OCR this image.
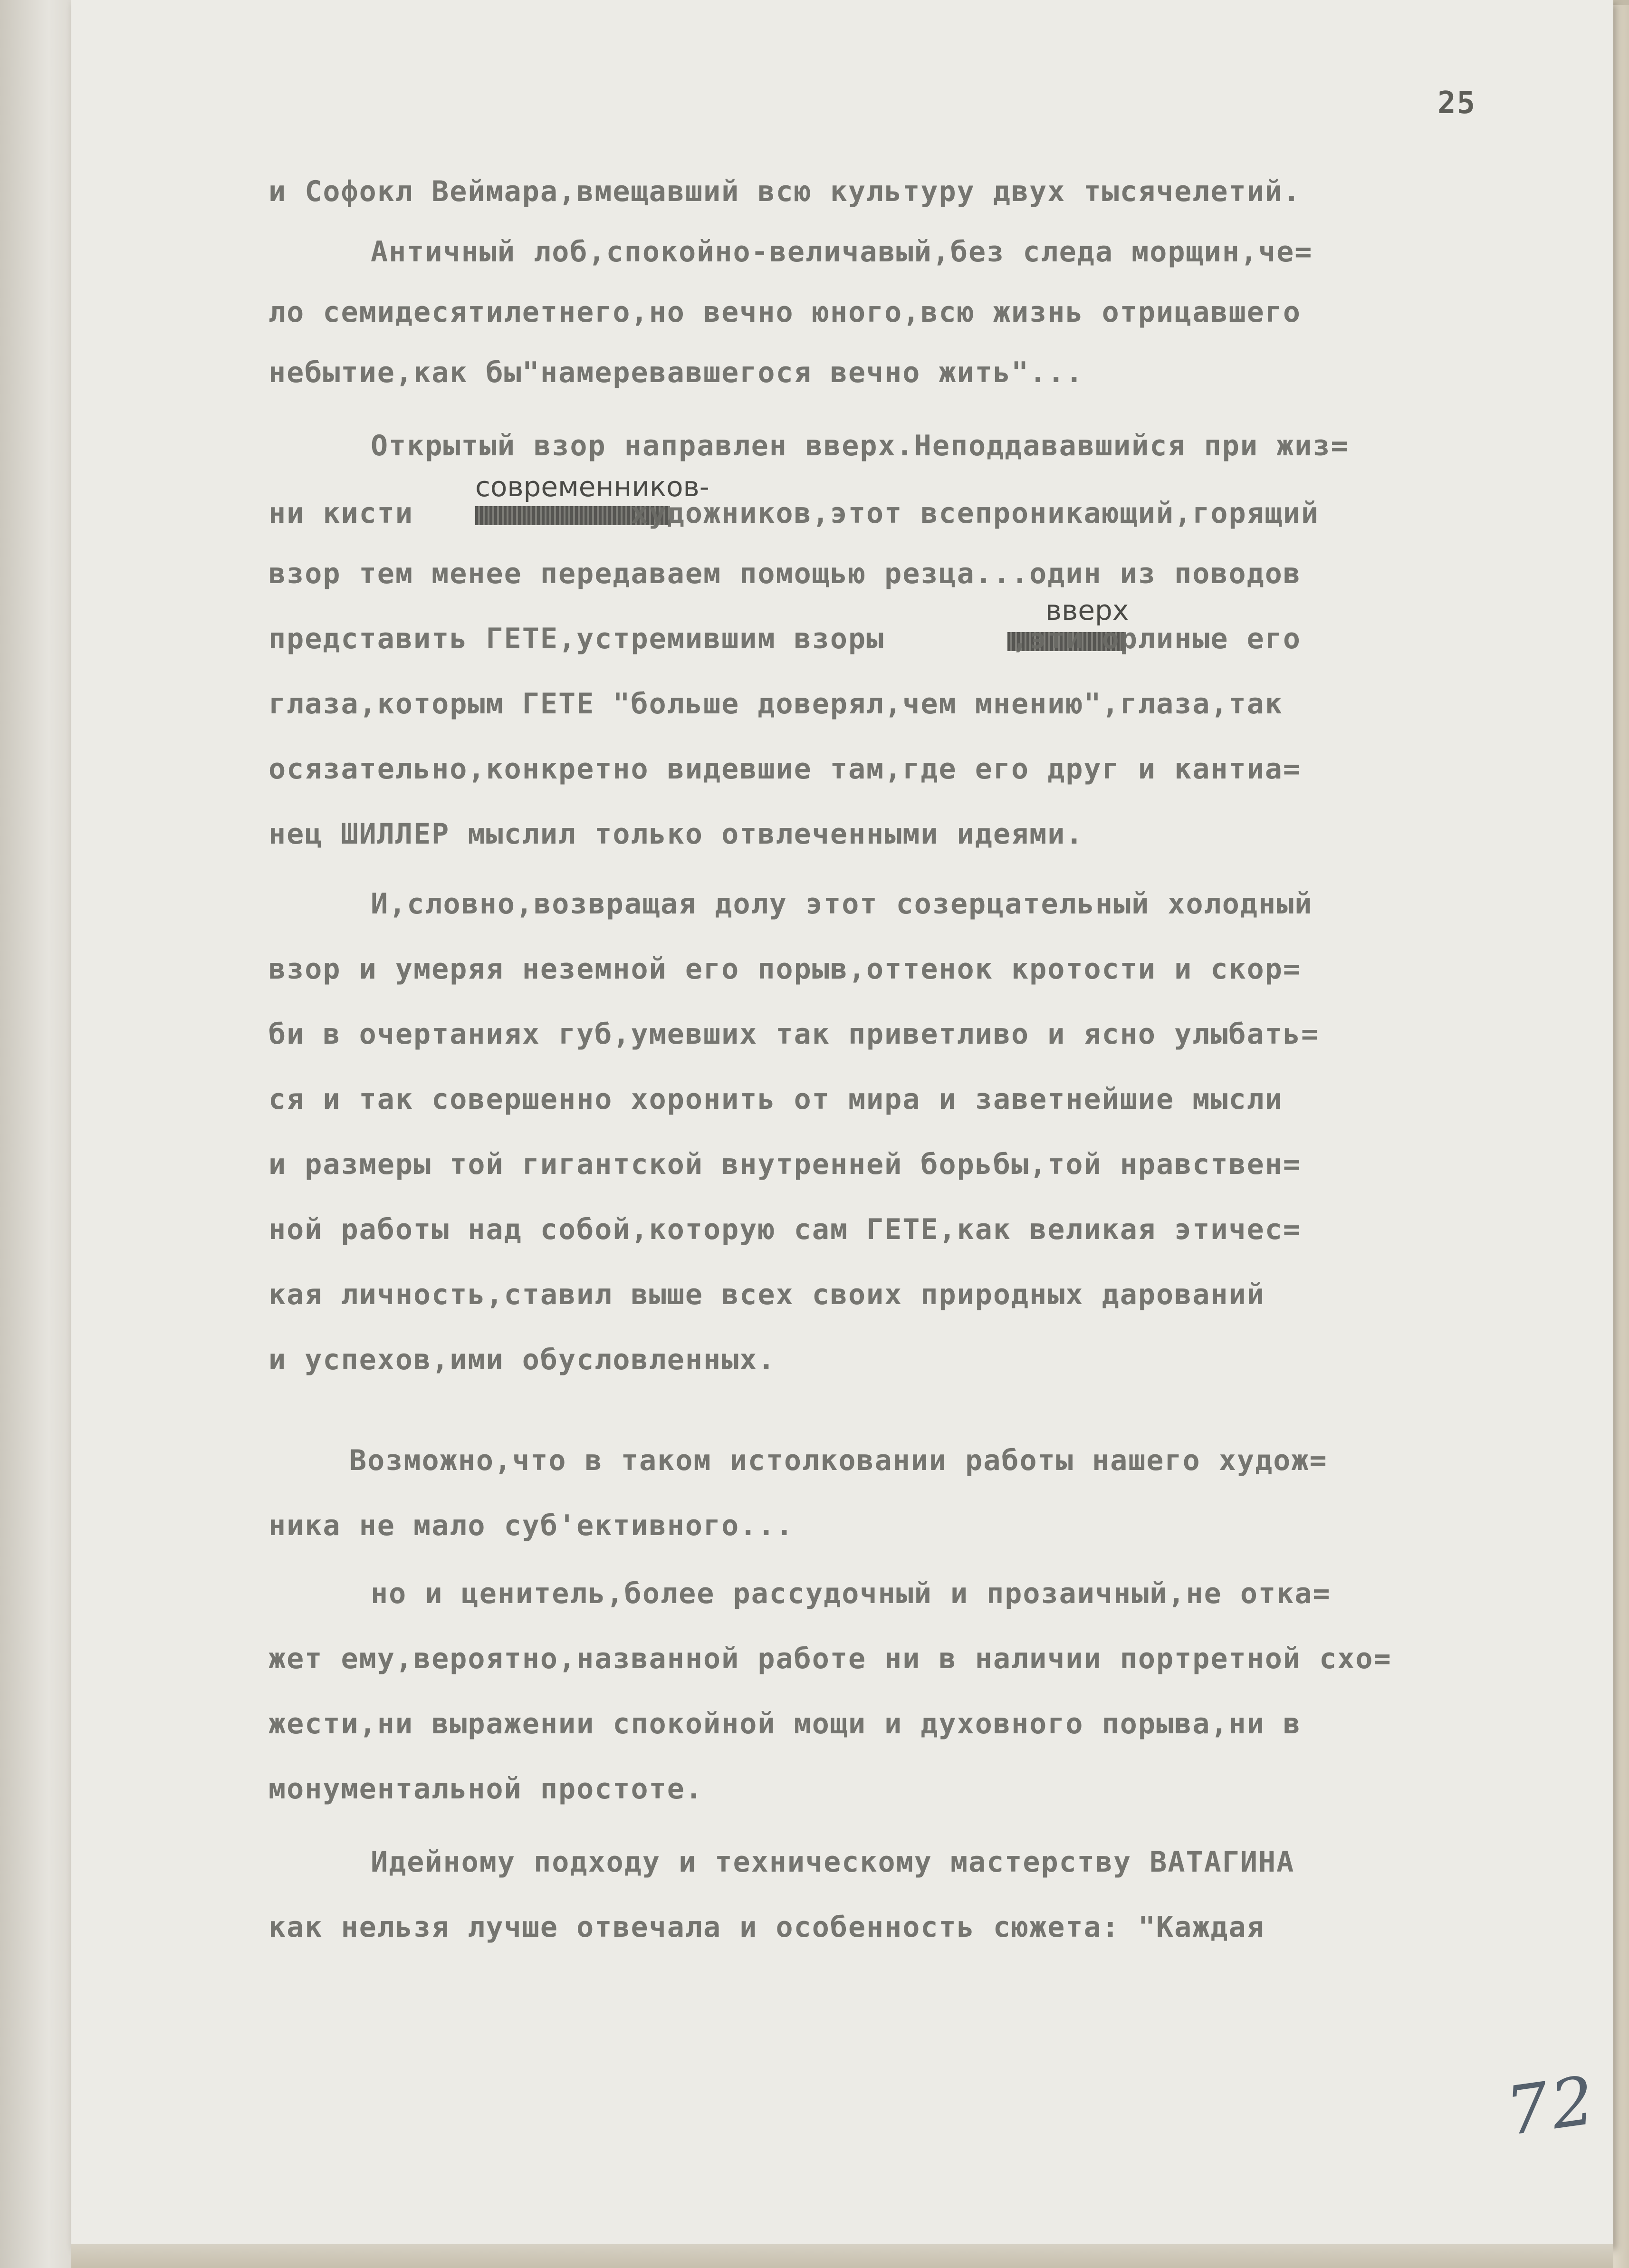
25
и Софокл Веймара,вмещавший всю культуру двух тысячелетий.
Античный лоб,спокойно-величавый,без следа морщин,че=
ло семидесятилетнего,но вечно юного,всю жизнь отрицавшего
небытие,как бы"намеревавшегося вечно жить"...
Открытый взор направлен вверх.Неподдававшийся при жиз=
современников-
ни кисти            художников,этот всепроникающий,горящий
взор тем менее передаваем помощью резца...один из поводов
вверх
представить ГЕТЕ,устремившим взоры       ,эти орлиные его
глаза,которым ГЕТЕ "больше доверял,чем мнению",глаза,так
осязательно,конкретно видевшие там,где его друг и кантиа=
нец ШИЛЛЕР мыслил только отвлеченными идеями.
И,словно,возвращая долу этот созерцательный холодный
взор и умеряя неземной его порыв,оттенок кротости и скор=
би в очертаниях губ,умевших так приветливо и ясно улыбать=
ся и так совершенно хоронить от мира и заветнейшие мысли
и размеры той гигантской внутренней борьбы,той нравствен=
ной работы над собой,которую сам ГЕТЕ,как великая этичес=
кая личность,ставил выше всех своих природных дарований
и успехов,ими обусловленных.
Возможно,что в таком истолковании работы нашего худож=
ника не мало суб'ективного...
но и ценитель,более рассудочный и прозаичный,не отка=
жет ему,вероятно,названной работе ни в наличии портретной схо=
жести,ни выражении спокойной мощи и духовного порыва,ни в
монументальной простоте.
Идейному подходу и техническому мастерству ВАТАГИНА
как нельзя лучше отвечала и особенность сюжета: "Каждая
72
